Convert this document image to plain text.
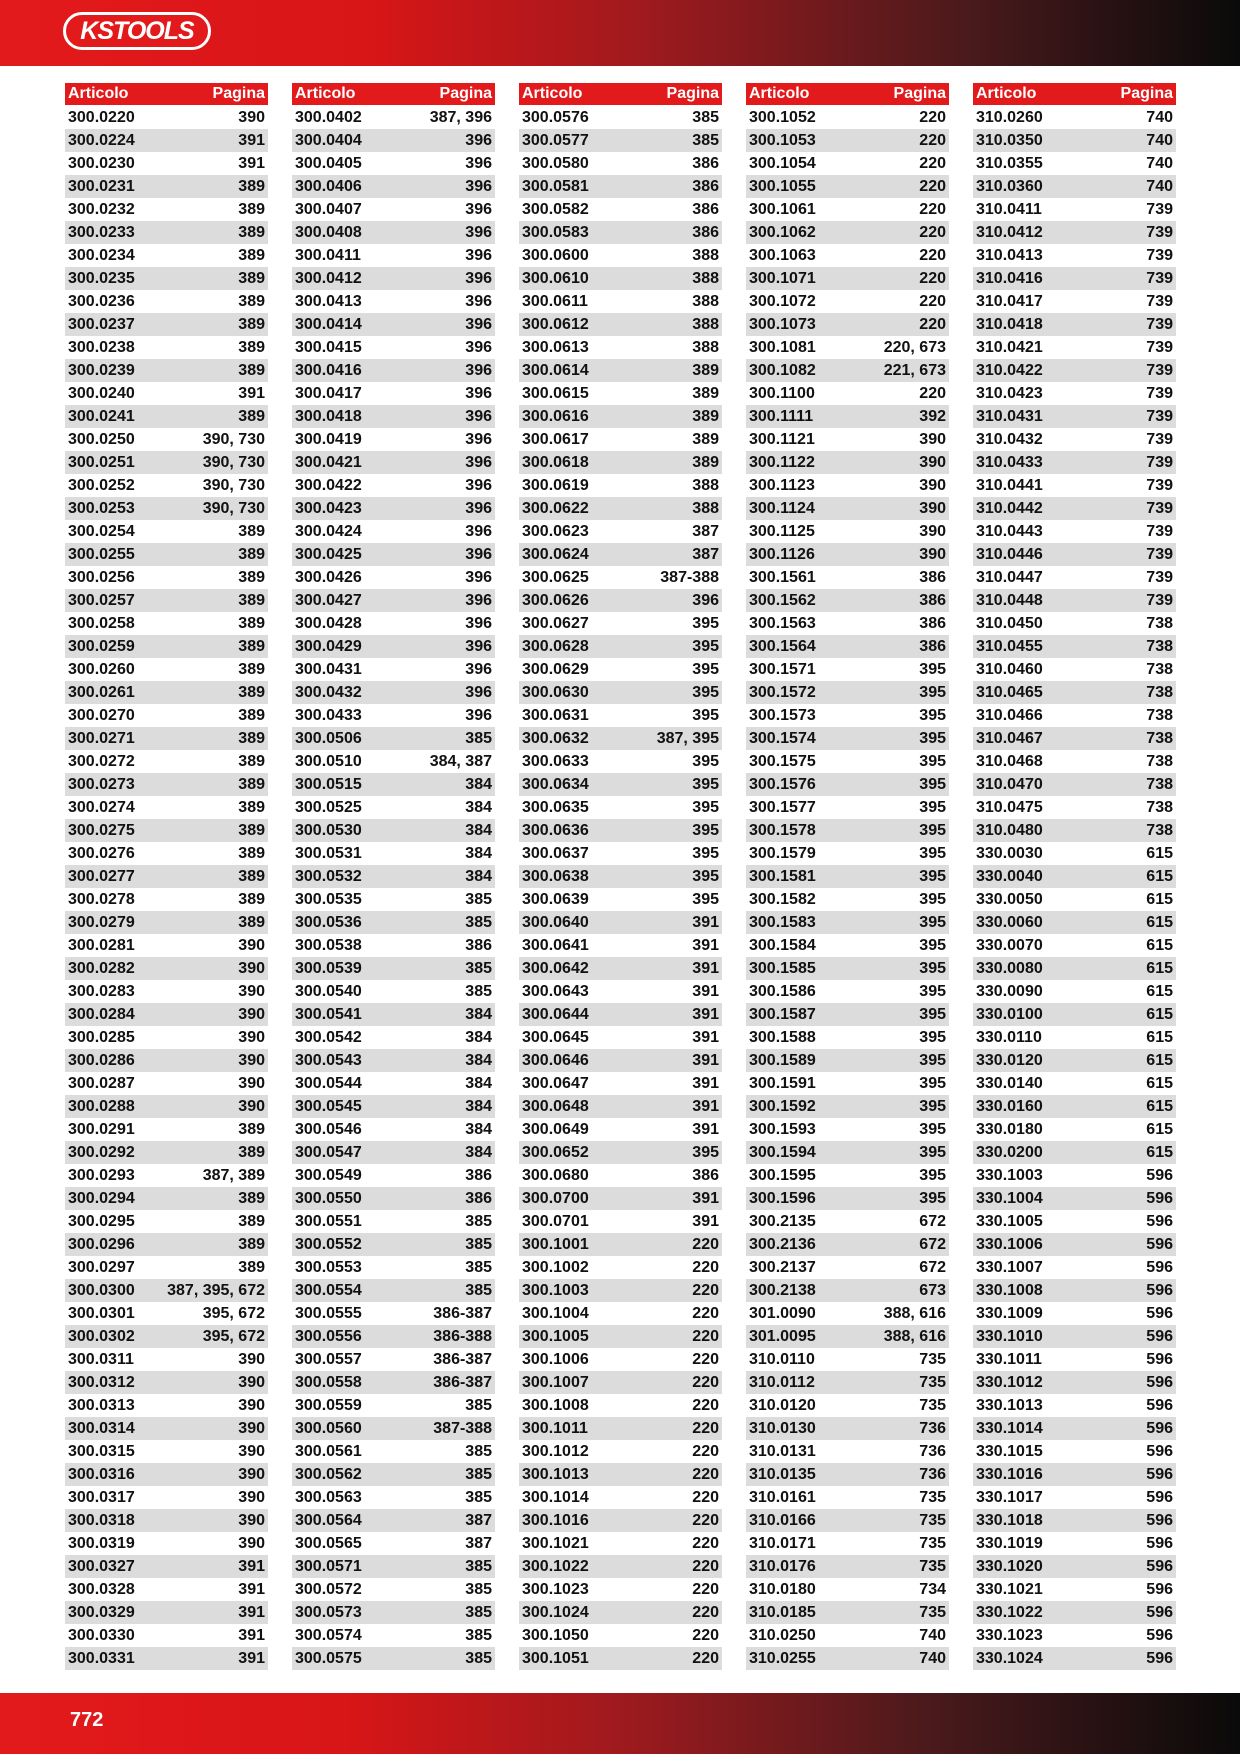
KSTOOLS
Articolo	Pagina
300.0220	390
300.0224	391
300.0230	391
300.0231	389
300.0232	389
300.0233	389
300.0234	389
300.0235	389
300.0236	389
300.0237	389
300.0238	389
300.0239	389
300.0240	391
300.0241	389
300.0250	390, 730
300.0251	390, 730
300.0252	390, 730
300.0253	390, 730
300.0254	389
300.0255	389
300.0256	389
300.0257	389
300.0258	389
300.0259	389
300.0260	389
300.0261	389
300.0270	389
300.0271	389
300.0272	389
300.0273	389
300.0274	389
300.0275	389
300.0276	389
300.0277	389
300.0278	389
300.0279	389
300.0281	390
300.0282	390
300.0283	390
300.0284	390
300.0285	390
300.0286	390
300.0287	390
300.0288	390
300.0291	389
300.0292	389
300.0293	387, 389
300.0294	389
300.0295	389
300.0296	389
300.0297	389
300.0300 387, 395, 672
300.0301	395, 672
300.0302	395, 672
300.0311	390
300.0312	390
300.0313	390
300.0314	390
300.0315	390
300.0316	390
300.0317	390
300.0318	390
300.0319	390
300.0327	391
300.0328	391
300.0329	391
300.0330	391
300.0331	391
Articolo	Pagina
300.0402	387, 396
300.0404	396
300.0405	396
300.0406	396
300.0407	396
300.0408	396
300.0411	396
300.0412	396
300.0413	396
300.0414	396
300.0415	396
300.0416	396
300.0417	396
300.0418	396
300.0419	396
300.0421	396
300.0422	396
300.0423	396
300.0424	396
300.0425	396
300.0426	396
300.0427	396
300.0428	396
300.0429	396
300.0431	396
300.0432	396
300.0433	396
300.0506	385
300.0510	384, 387
300.0515	384
300.0525	384
300.0530	384
300.0531	384
300.0532	384
300.0535	385
300.0536	385
300.0538	386
300.0539	385
300.0540	385
300.0541	384
300.0542	384
300.0543	384
300.0544	384
300.0545	384
300.0546	384
300.0547	384
300.0549	386
300.0550	386
300.0551	385
300.0552	385
300.0553	385
300.0554	385
300.0555	386-387
300.0556	386-388
300.0557	386-387
300.0558	386-387
300.0559	385
300.0560	387-388
300.0561	385
300.0562	385
300.0563	385
300.0564	387
300.0565	387
300.0571	385
300.0572	385
300.0573	385
300.0574	385
300.0575	385
Articolo	Pagina
300.0576	385
300.0577	385
300.0580	386
300.0581	386
300.0582	386
300.0583	386
300.0600	388
300.0610	388
300.0611	388
300.0612	388
300.0613	388
300.0614	389
300.0615	389
300.0616	389
300.0617	389
300.0618	389
300.0619	388
300.0622	388
300.0623	387
300.0624	387
300.0625	387-388
300.0626	396
300.0627	395
300.0628	395
300.0629	395
300.0630	395
300.0631	395
300.0632	387, 395
300.0633	395
300.0634	395
300.0635	395
300.0636	395
300.0637	395
300.0638	395
300.0639	395
300.0640	391
300.0641	391
300.0642	391
300.0643	391
300.0644	391
300.0645	391
300.0646	391
300.0647	391
300.0648	391
300.0649	391
300.0652	395
300.0680	386
300.0700	391
300.0701	391
300.1001	220
300.1002	220
300.1003	220
300.1004	220
300.1005	220
300.1006	220
300.1007	220
300.1008	220
300.1011	220
300.1012	220
300.1013	220
300.1014	220
300.1016	220
300.1021	220
300.1022	220
300.1023	220
300.1024	220
300.1050	220
300.1051	220
Articolo	Pagina
300.1052	220
300.1053	220
300.1054	220
300.1055	220
300.1061	220
300.1062	220
300.1063	220
300.1071	220
300.1072	220
300.1073	220
300.1081	220, 673
300.1082	221, 673
300.1100	220
300.1111	392
300.1121	390
300.1122	390
300.1123	390
300.1124	390
300.1125	390
300.1126	390
300.1561	386
300.1562	386
300.1563	386
300.1564	386
300.1571	395
300.1572	395
300.1573	395
300.1574	395
300.1575	395
300.1576	395
300.1577	395
300.1578	395
300.1579	395
300.1581	395
300.1582	395
300.1583	395
300.1584	395
300.1585	395
300.1586	395
300.1587	395
300.1588	395
300.1589	395
300.1591	395
300.1592	395
300.1593	395
300.1594	395
300.1595	395
300.1596	395
300.2135	672
300.2136	672
300.2137	672
300.2138	673
301.0090	388, 616
301.0095	388, 616
310.0110	735
310.0112	735
310.0120	735
310.0130	736
310.0131	736
310.0135	736
310.0161	735
310.0166	735
310.0171	735
310.0176	735
310.0180	734
310.0185	735
310.0250	740
310.0255	740
Articolo	Pagina
310.0260	740
310.0350	740
310.0355	740
310.0360	740
310.0411	739
310.0412	739
310.0413	739
310.0416	739
310.0417	739
310.0418	739
310.0421	739
310.0422	739
310.0423	739
310.0431	739
310.0432	739
310.0433	739
310.0441	739
310.0442	739
310.0443	739
310.0446	739
310.0447	739
310.0448	739
310.0450	738
310.0455	738
310.0460	738
310.0465	738
310.0466	738
310.0467	738
310.0468	738
310.0470	738
310.0475	738
310.0480	738
330.0030	615
330.0040	615
330.0050	615
330.0060	615
330.0070	615
330.0080	615
330.0090	615
330.0100	615
330.0110	615
330.0120	615
330.0140	615
330.0160	615
330.0180	615
330.0200	615
330.1003	596
330.1004	596
330.1005	596
330.1006	596
330.1007	596
330.1008	596
330.1009	596
330.1010	596
330.1011	596
330.1012	596
330.1013	596
330.1014	596
330.1015	596
330.1016	596
330.1017	596
330.1018	596
330.1019	596
330.1020	596
330.1021	596
330.1022	596
330.1023	596
330.1024	596
772
